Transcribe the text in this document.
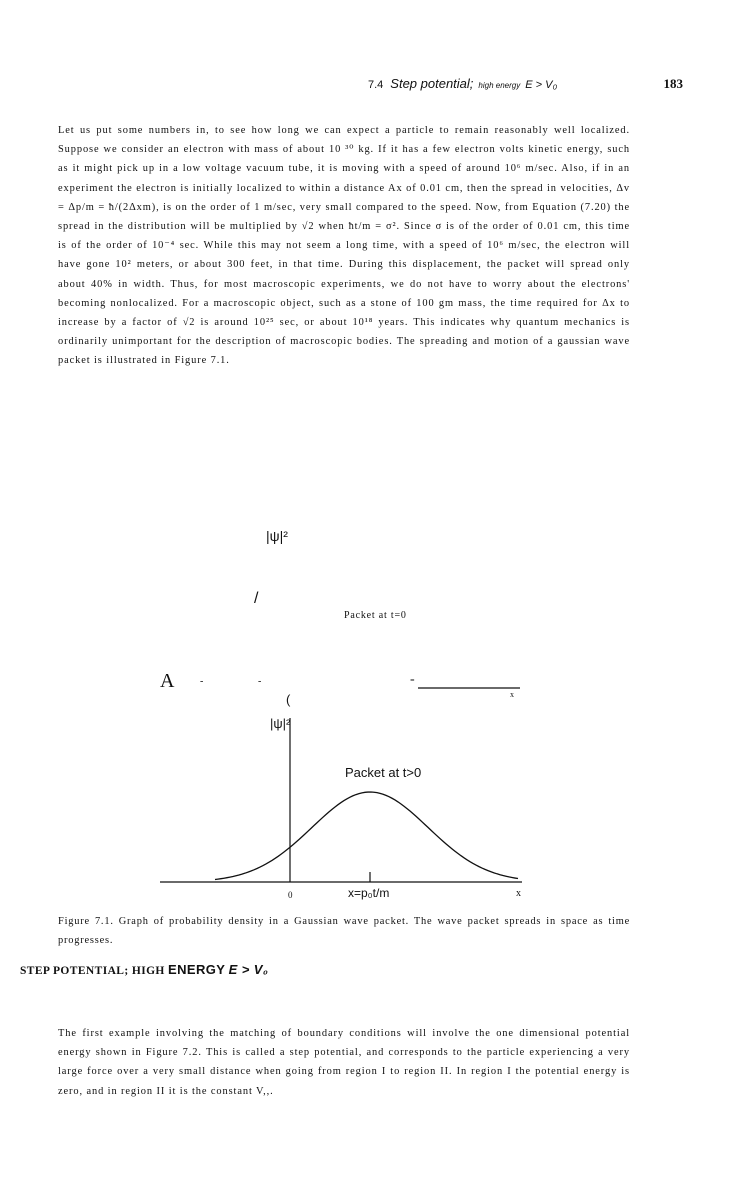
7.4 Step potential; high energy E > V₀	183

Let us put some numbers in, to see how long we can expect a particle to remain reasonably well localized. Suppose we consider an electron with mass of about 10 ³⁰ kg. If it has a few electron volts kinetic energy, such as it might pick up in a low voltage vacuum tube, it is moving with a speed of around 10⁶ m/sec. Also, if in an experiment the electron is initially localized to within a distance Ax of 0.01 cm, then the spread in velocities, Δv = Δp/m = ħ/(2Δxm), is on the order of 1 m/sec, very small compared to the speed. Now, from Equation (7.20) the spread in the distribution will be multiplied by √2 when ħt/m = σ². Since σ is of the order of 0.01 cm, this time is of the order of 10⁻⁴ sec. While this may not seem a long time, with a speed of 10⁶ m/sec, the electron will have gone 10² meters, or about 300 feet, in that time. During this displacement, the packet will spread only about 40% in width. Thus, for most macroscopic experiments, we do not have to worry about the electrons' becoming nonlocalized. For a macroscopic object, such as a stone of 100 gm mass, the time required for Δx to increase by a factor of √2 is around 10²⁵ sec, or about 10¹⁸ years. This indicates why quantum mechanics is ordinarily unimportant for the description of macroscopic bodies. The spreading and motion of a gaussian wave packet is illustrated in Figure 7.1.

|ψ|²
/
Packet at t=0
A	-	-	-
(	x
|ψ|²
Packet at t>0
0	x=p₀t/m	x
Figure 7.1. Graph of probability density in a Gaussian wave packet. The wave packet spreads in space as time progresses.
STEP POTENTIAL; HIGH ENERGY E > V₀

The first example involving the matching of boundary conditions will involve the one dimensional potential energy shown in Figure 7.2. This is called a step potential, and corresponds to the particle experiencing a very large force over a very small distance when going from region I to region II. In region I the potential energy is zero, and in region II it is the constant V,,.
